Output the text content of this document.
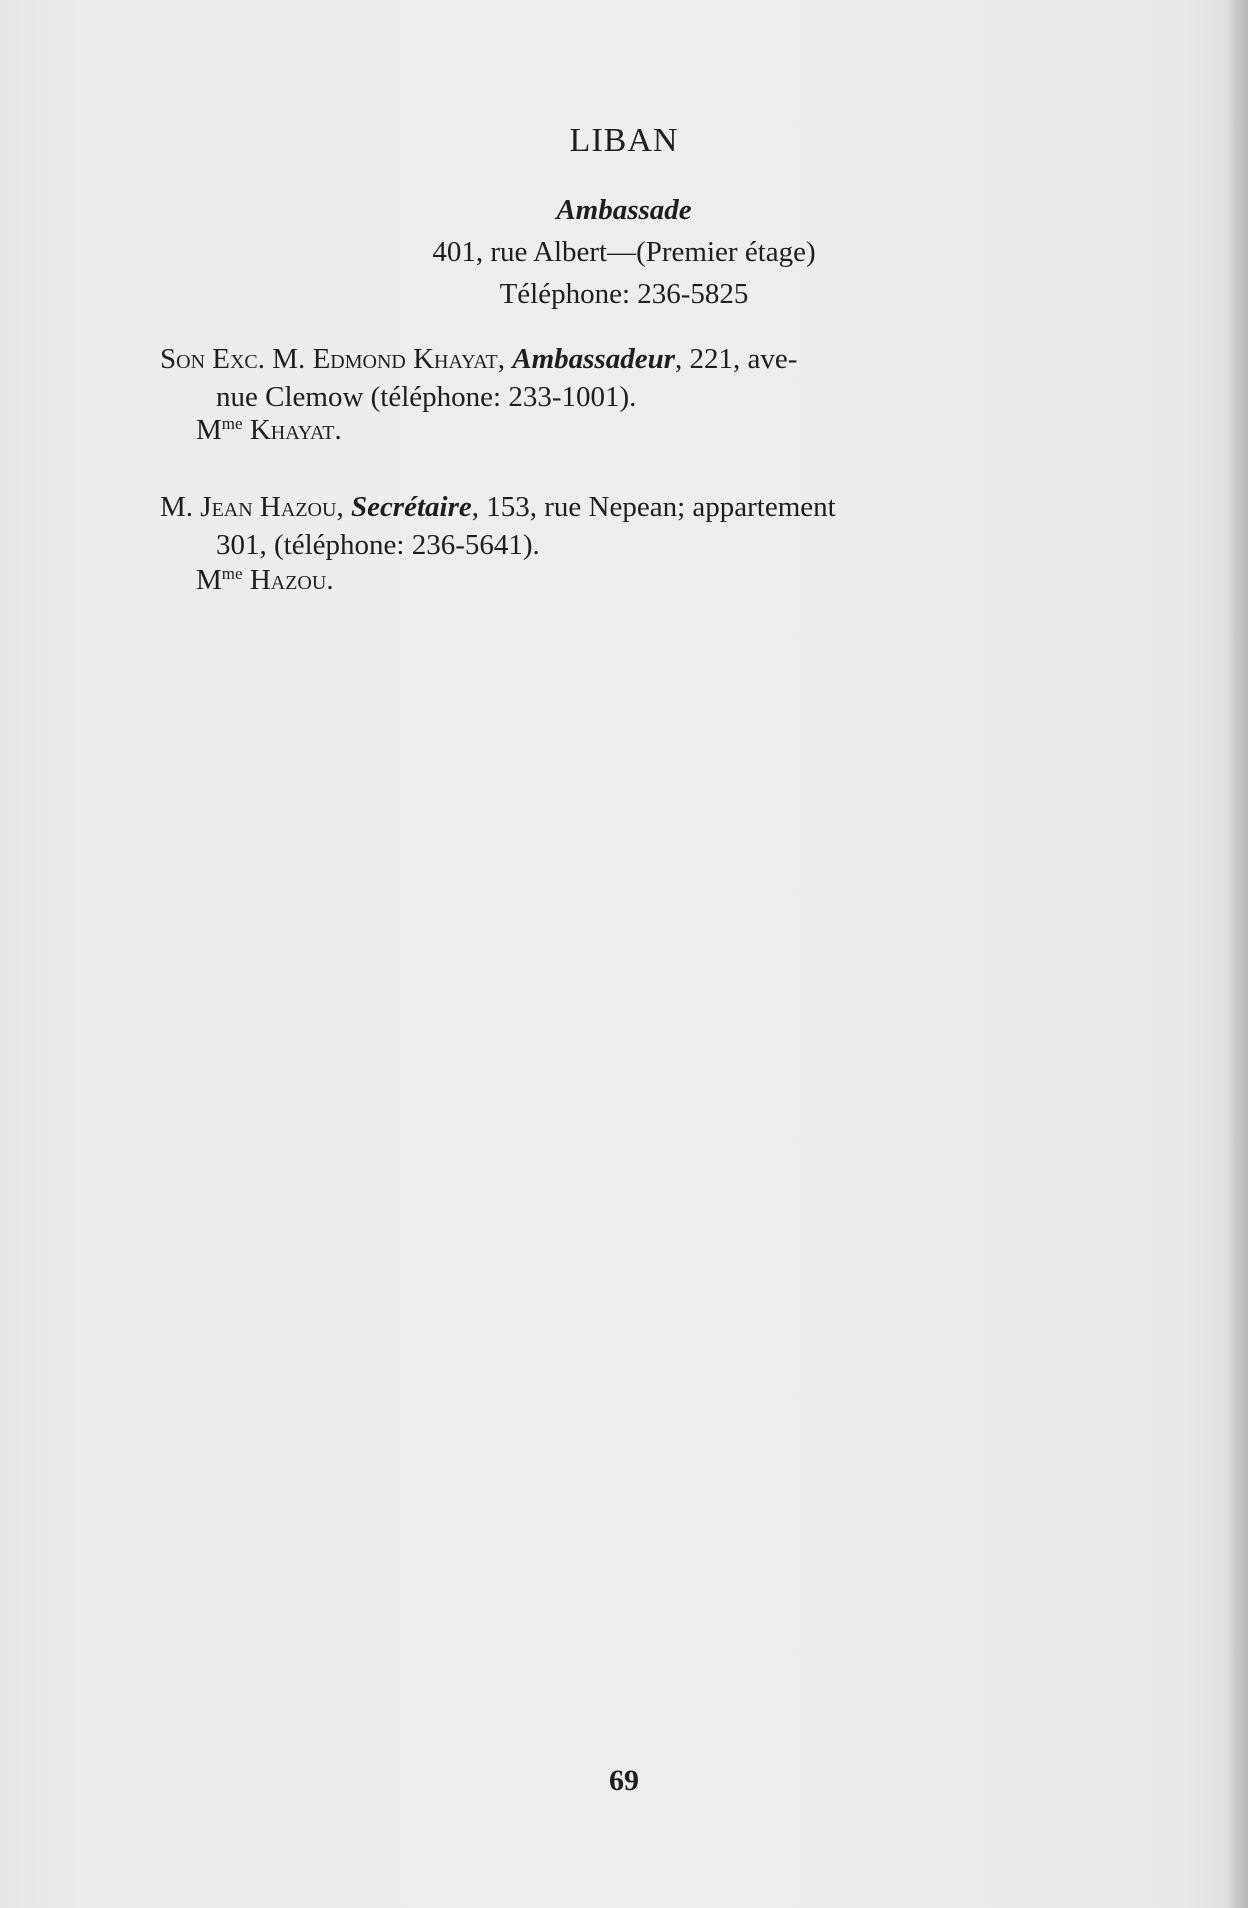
LIBAN
Ambassade
401, rue Albert—(Premier étage)
Téléphone: 236-5825
Son Exc. M. Edmond Khayat, Ambassadeur, 221, ave-
nue Clemow (téléphone: 233-1001).
$M^{me}$ Khayat.
M. Jean Hazou, Secrétaire, 153, rue Nepean; appartement
301, (téléphone: 236-5641).
$M^{me}$ Hazou.
69
